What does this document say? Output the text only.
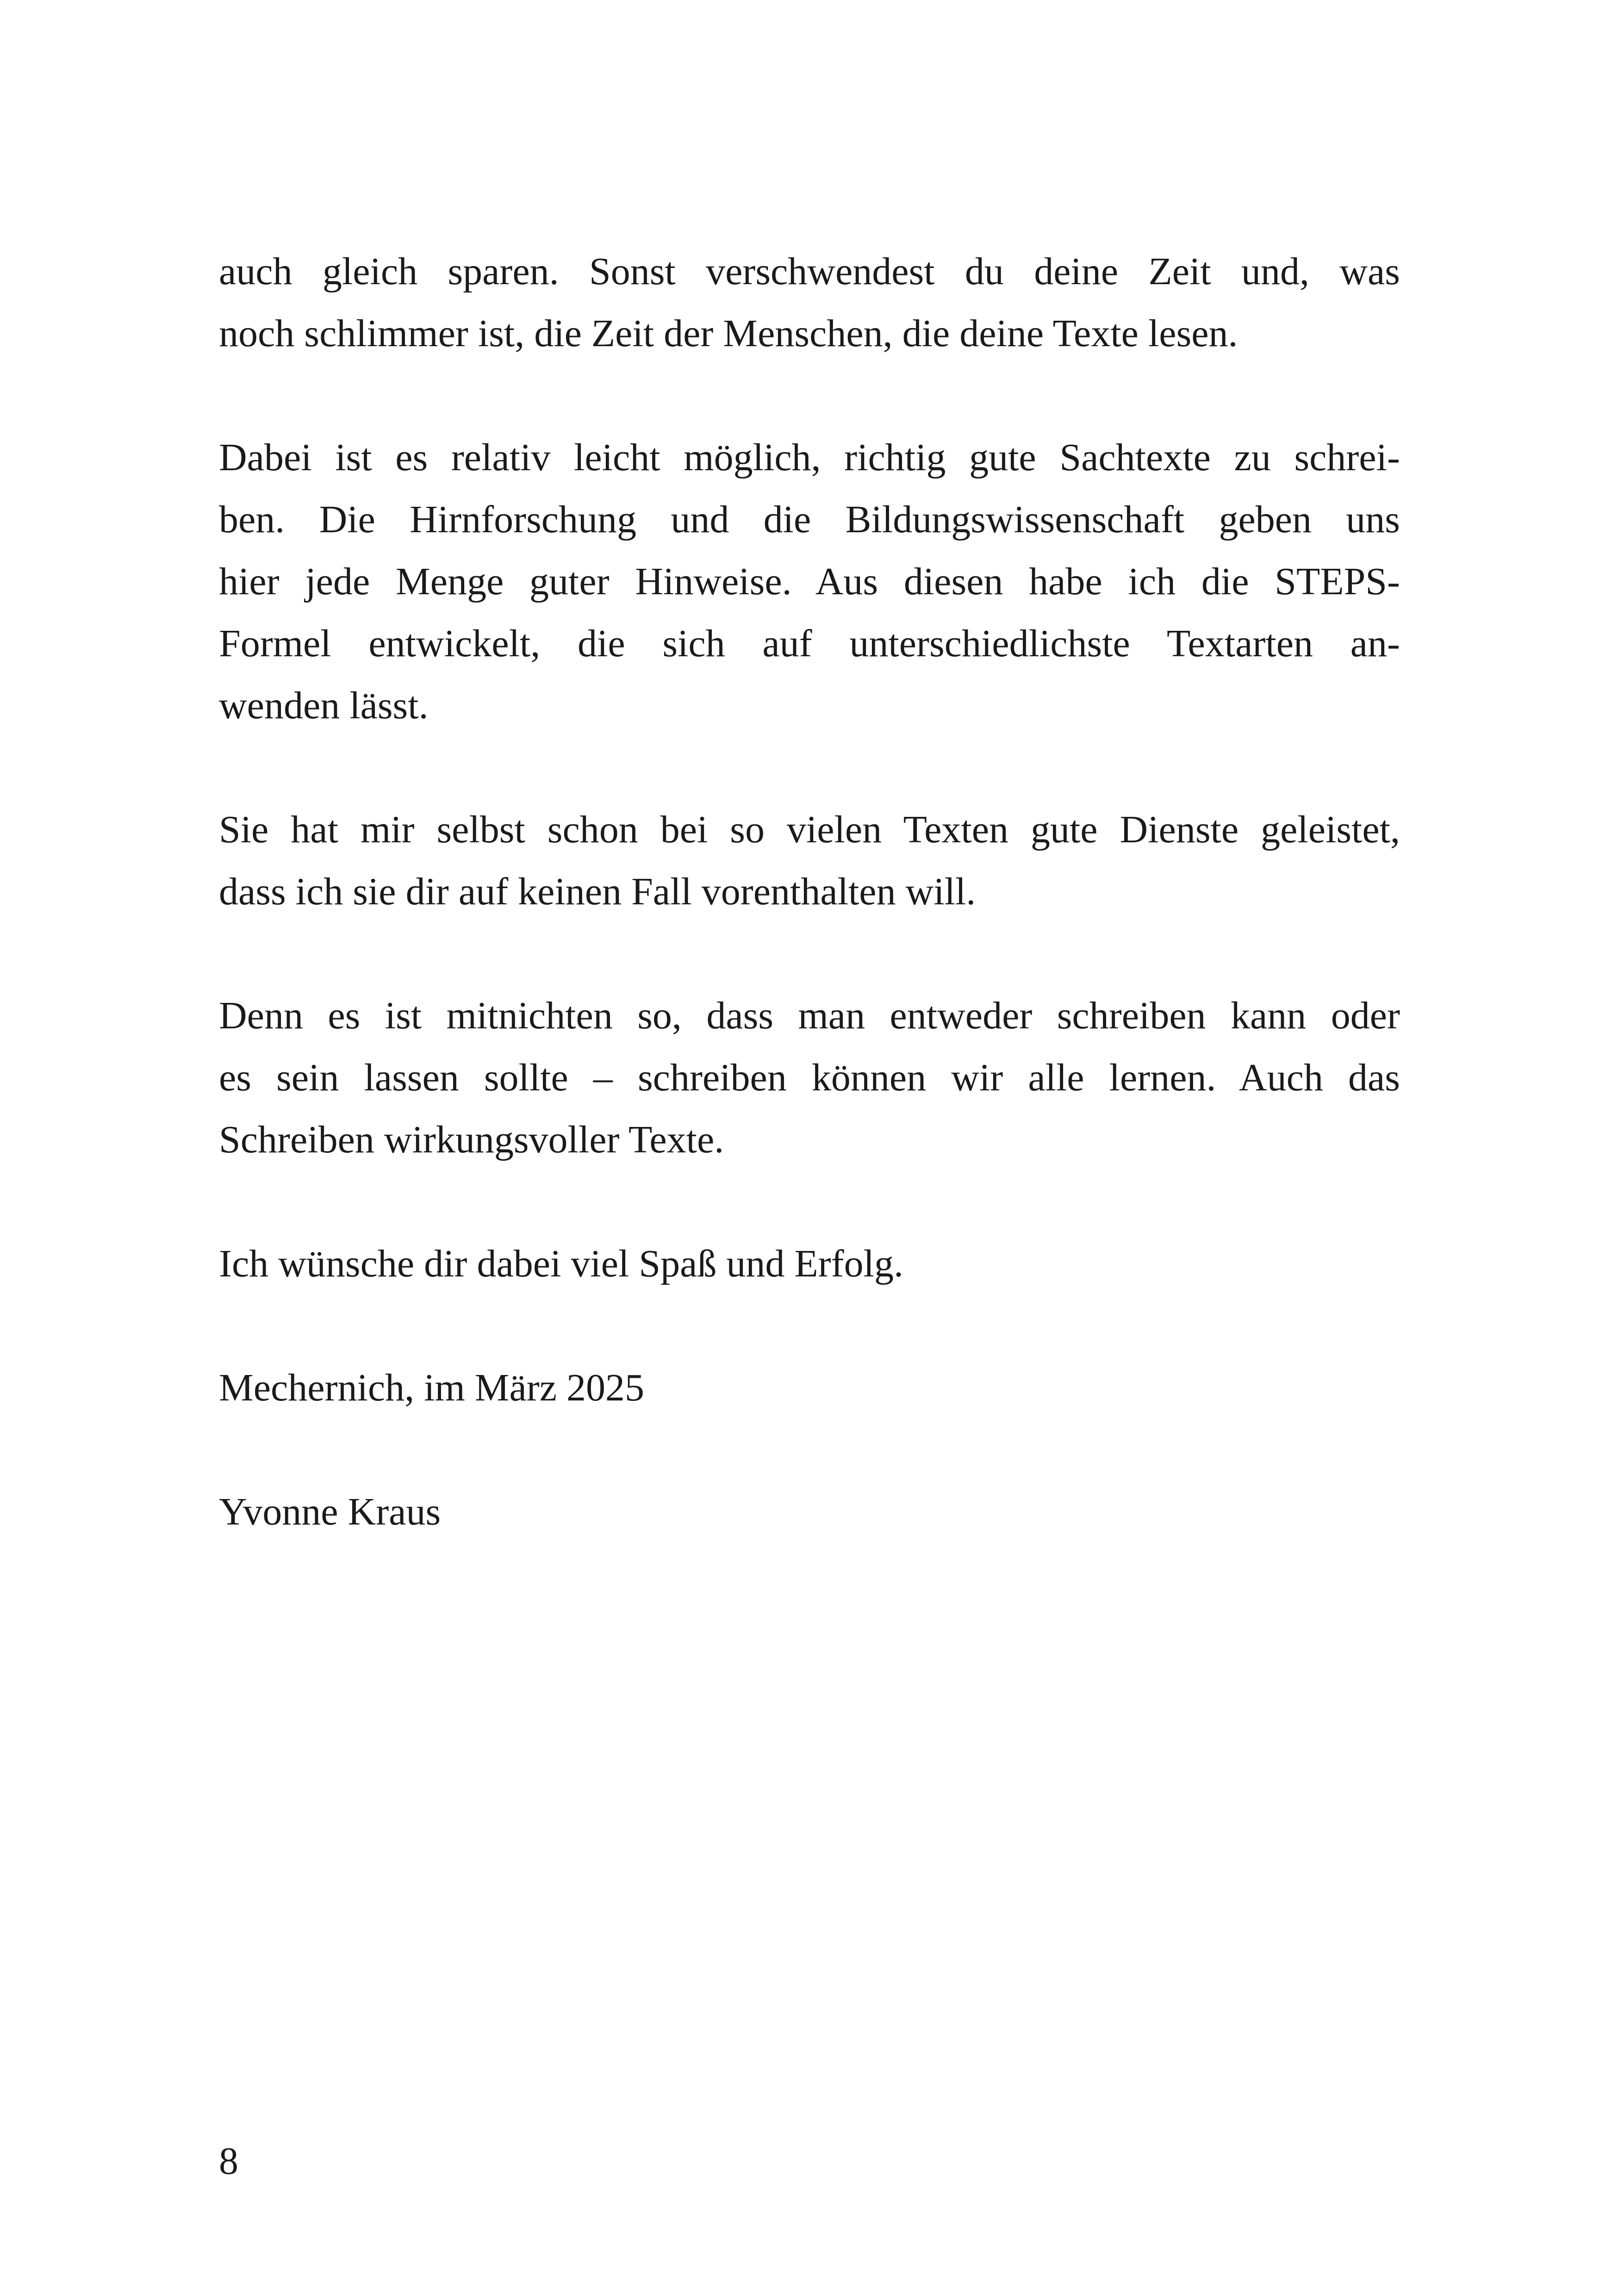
auch gleich sparen. Sonst verschwendest du deine Zeit und, was
noch schlimmer ist, die Zeit der Menschen, die deine Texte lesen.

Dabei ist es relativ leicht möglich, richtig gute Sachtexte zu schrei-
ben. Die Hirnforschung und die Bildungswissenschaft geben uns
hier jede Menge guter Hinweise. Aus diesen habe ich die STEPS-
Formel entwickelt, die sich auf unterschiedlichste Textarten an-
wenden lässt.

Sie hat mir selbst schon bei so vielen Texten gute Dienste geleistet,
dass ich sie dir auf keinen Fall vorenthalten will.

Denn es ist mitnichten so, dass man entweder schreiben kann oder
es sein lassen sollte – schreiben können wir alle lernen. Auch das
Schreiben wirkungsvoller Texte.

Ich wünsche dir dabei viel Spaß und Erfolg.

Mechernich, im März 2025

Yvonne Kraus

8
